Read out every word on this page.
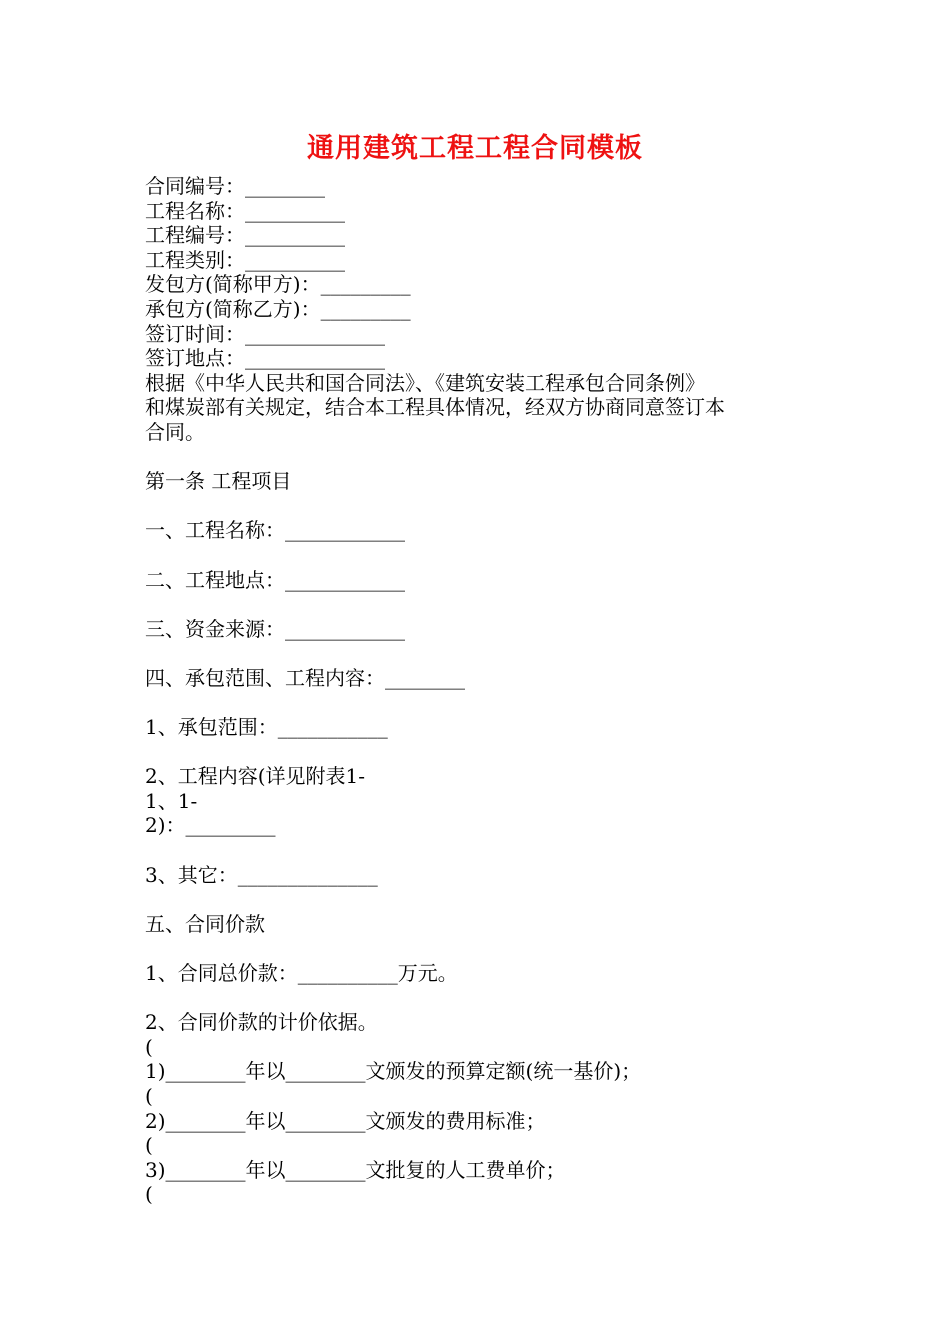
通用建筑工程工程合同模板
合同编号：________
工程名称：__________
工程编号：__________
工程类别：__________
发包方(简称甲方)：_________
承包方(简称乙方)：_________
签订时间：______________
签订地点：______________
根据《中华人民共和国合同法》、《建筑安装工程承包合同条例》
和煤炭部有关规定，结合本工程具体情况，经双方协商同意签订本
合同。
第一条 工程项目
一、工程名称：____________
二、工程地点：____________
三、资金来源：____________
四、承包范围、工程内容：________
1、承包范围：___________
2、工程内容(详见附表1-
1、1-
2)：_________
3、其它：______________
五、合同价款
1、合同总价款：__________万元。
2、合同价款的计价依据。
(
1)________年以________文颁发的预算定额(统一基价)；
(
2)________年以________文颁发的费用标准；
(
3)________年以________文批复的人工费单价；
(
